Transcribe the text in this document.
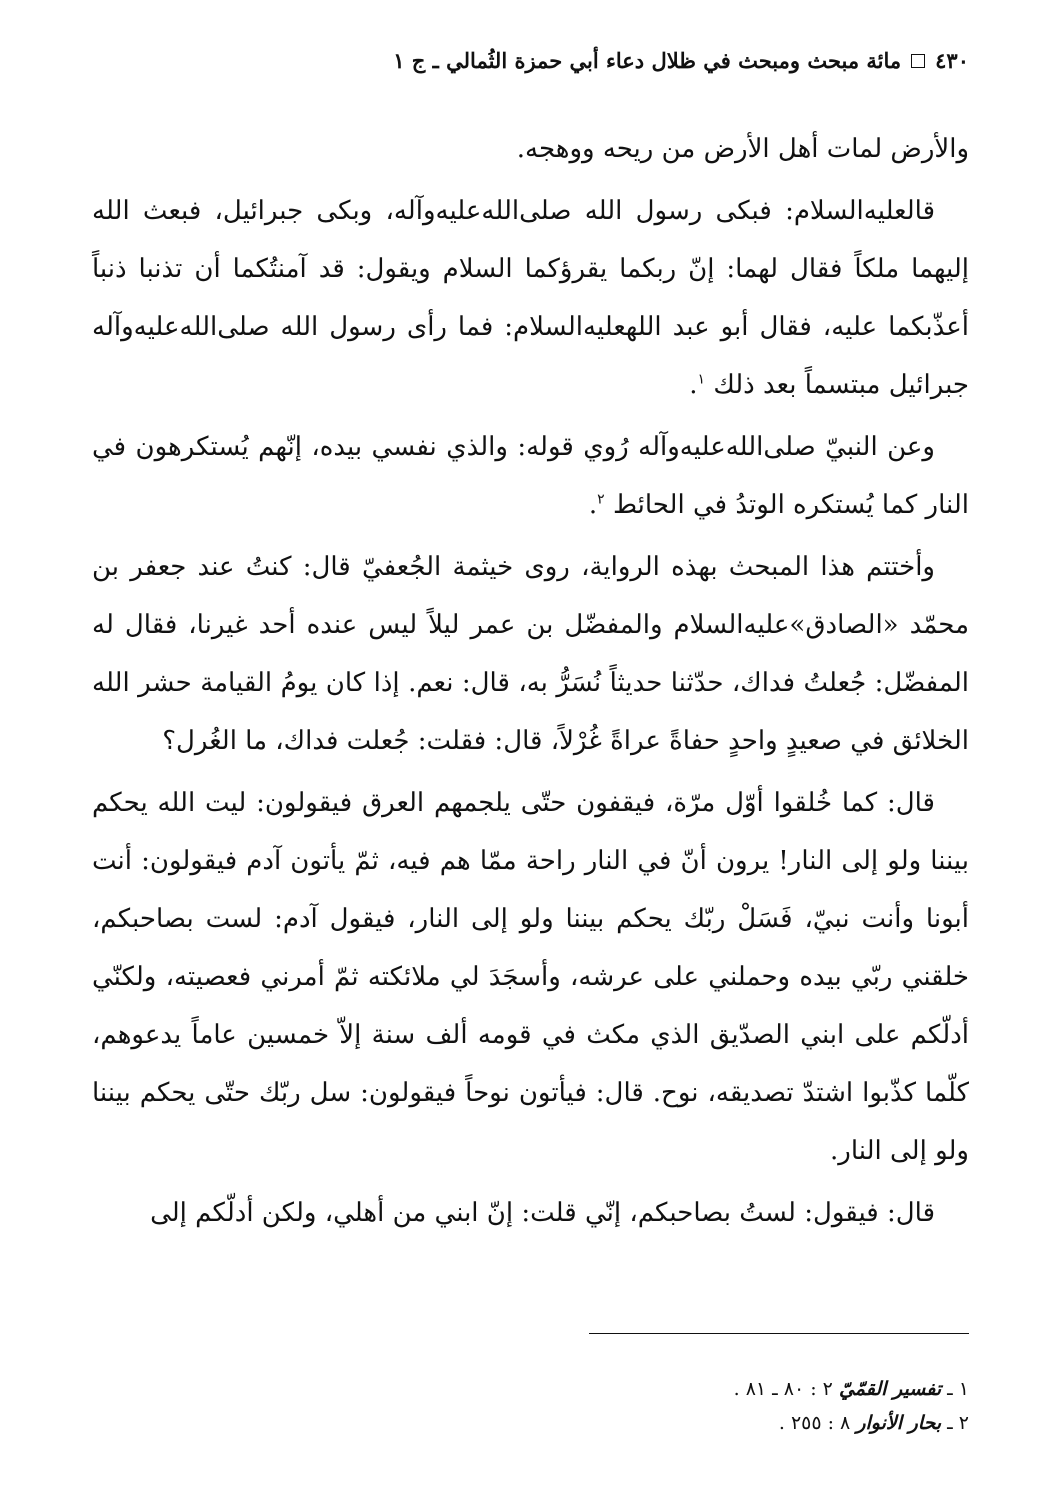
٤٣٠
مائة مبحث ومبحث في ظلال دعاء أبي حمزة الثُمالي ـ ج ١

والأرض لمات أهل الأرض من ريحه ووهجه.

قالعليه‌السلام: فبكى رسول الله صلى‌الله‌عليه‌وآله، وبكى جبرائيل، فبعث الله إليهما ملكاً فقال لهما: إنّ ربكما يقرؤكما السلام ويقول: قد آمنتُكما أن تذنبا ذنباً أعذّبكما عليه، فقال أبو عبد اللهعليه‌السلام: فما رأى رسول الله صلى‌الله‌عليه‌وآله جبرائيل مبتسماً بعد ذلك $^١$.

وعن النبيّ صلى‌الله‌عليه‌وآله رُوي قوله: والذي نفسي بيده، إنّهم يُستكرهون في النار كما يُستكره الوتدُ في الحائط $^٢$.

وأختتم هذا المبحث بهذه الرواية، روى خيثمة الجُعفيّ قال: كنتُ عند جعفر بن محمّد «الصادق»عليه‌السلام والمفضّل بن عمر ليلاً ليس عنده أحد غيرنا، فقال له المفضّل: جُعلتُ فداك، حدّثنا حديثاً نُسَرُّ به، قال: نعم. إذا كان يومُ القيامة حشر الله الخلائق في صعيدٍ واحدٍ حفاةً عراةً غُرْلاً، قال: فقلت: جُعلت فداك، ما الغُرل؟

قال: كما خُلقوا أوّل مرّة، فيقفون حتّى يلجمهم العرق فيقولون: ليت الله يحكم بيننا ولو إلى النار! يرون أنّ في النار راحة ممّا هم فيه، ثمّ يأتون آدم فيقولون: أنت أبونا وأنت نبيّ، فَسَلْ ربّك يحكم بيننا ولو إلى النار، فيقول آدم: لست بصاحبكم، خلقني ربّي بيده وحملني على عرشه، وأسجَدَ لي ملائكته ثمّ أمرني فعصيته، ولكنّي أدلّكم على ابني الصدّيق الذي مكث في قومه ألف سنة إلاّ خمسين عاماً يدعوهم، كلّما كذّبوا اشتدّ تصديقه، نوح. قال: فيأتون نوحاً فيقولون: سل ربّك حتّى يحكم بيننا ولو إلى النار.

قال: فيقول: لستُ بصاحبكم، إنّي قلت: إنّ ابني من أهلي، ولكن أدلّكم إلى

١ ـ تفسير القمّيّ ٢ : ٨٠ ـ ٨١ .

٢ ـ بحار الأنوار ٨ : ٢٥٥ .
